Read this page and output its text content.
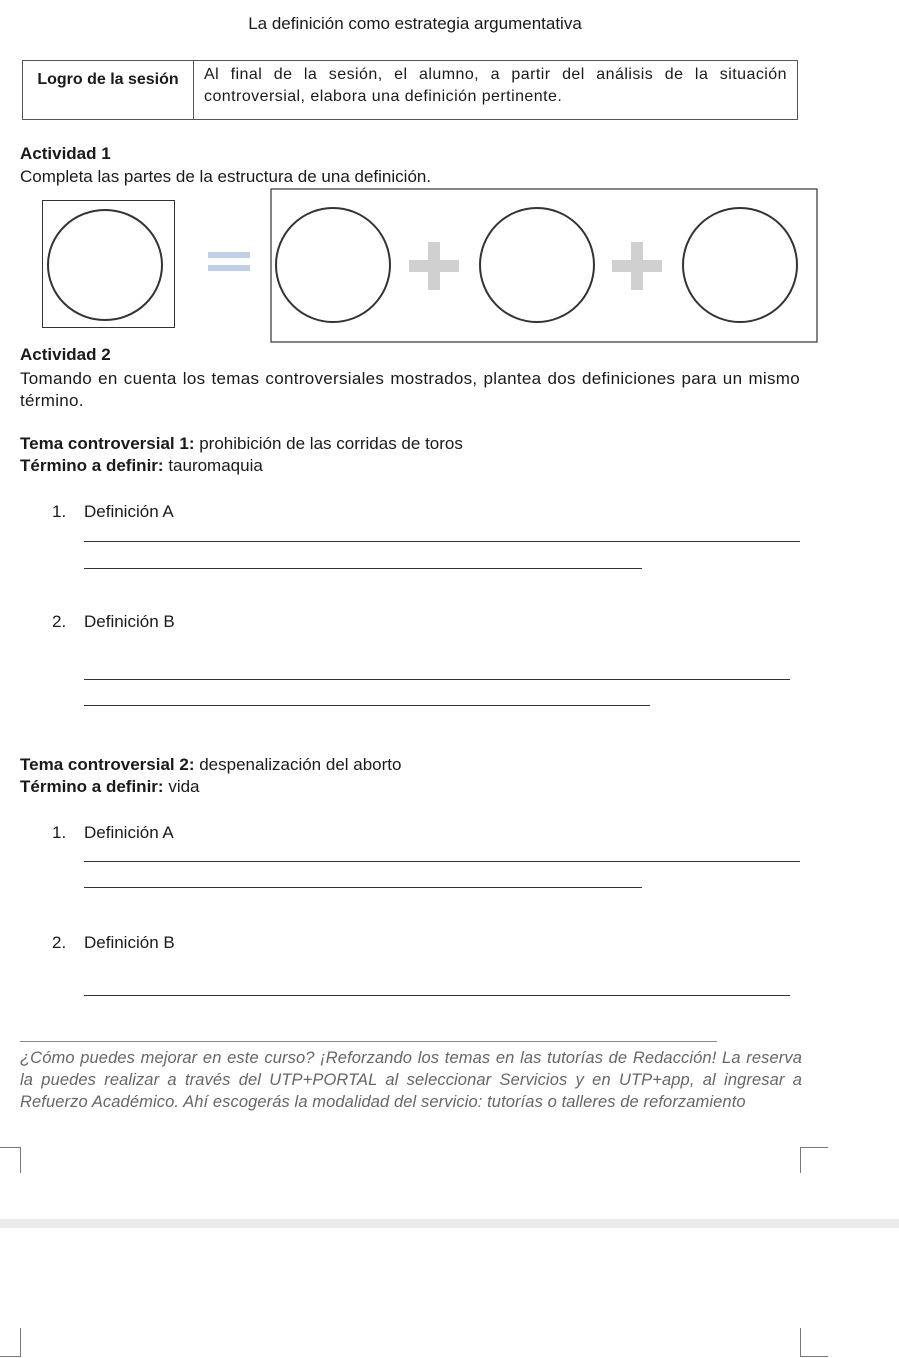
La definición como estrategia argumentativa
Logro de la sesión	Al final de la sesión, el alumno, a partir del análisis de la situación controversial, elabora una definición pertinente.
Actividad 1
Completa las partes de la estructura de una definición.
Actividad 2
Tomando en cuenta los temas controversiales mostrados, plantea dos definiciones para un mismo término.
Tema controversial 1: prohibición de las corridas de toros
Término a definir: tauromaquia
1. Definición A
2. Definición B
Tema controversial 2: despenalización del aborto
Término a definir: vida
1. Definición A
2. Definición B
¿Cómo puedes mejorar en este curso? ¡Reforzando los temas en las tutorías de Redacción! La reserva la puedes realizar a través del UTP+PORTAL al seleccionar Servicios y en UTP+app, al ingresar a Refuerzo Académico. Ahí escogerás la modalidad del servicio: tutorías o talleres de reforzamiento
